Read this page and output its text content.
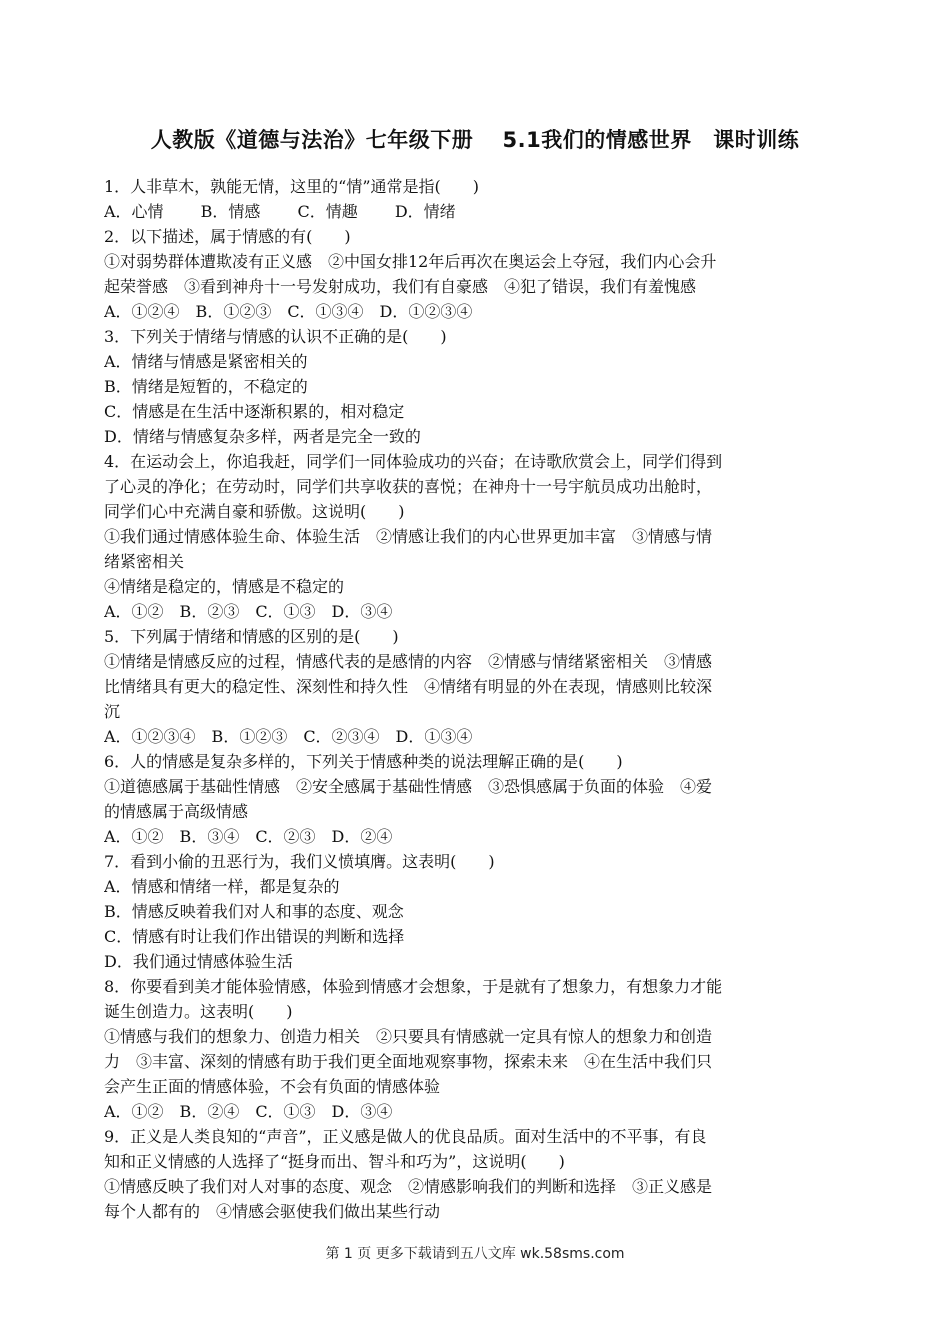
人教版《道德与法治》七年级下册　 5.1我们的情感世界　课时训练
1．人非草木，孰能无情，这里的“情”通常是指(　　)
A．心情　　 B．情感　　 C．情趣　　 D．情绪
2．以下描述，属于情感的有(　　)
①对弱势群体遭欺凌有正义感　②中国女排12年后再次在奥运会上夺冠，我们内心会升
起荣誉感　③看到神舟十一号发射成功，我们有自豪感　④犯了错误，我们有羞愧感
A．①②④　B．①②③　C．①③④　D．①②③④
3．下列关于情绪与情感的认识不正确的是(　　)
A．情绪与情感是紧密相关的
B．情绪是短暂的，不稳定的
C．情感是在生活中逐渐积累的，相对稳定
D．情绪与情感复杂多样，两者是完全一致的
4．在运动会上，你追我赶，同学们一同体验成功的兴奋；在诗歌欣赏会上，同学们得到
了心灵的净化；在劳动时，同学们共享收获的喜悦；在神舟十一号宇航员成功出舱时，
同学们心中充满自豪和骄傲。这说明(　　)
①我们通过情感体验生命、体验生活　②情感让我们的内心世界更加丰富　③情感与情
绪紧密相关
④情绪是稳定的，情感是不稳定的
A．①②　B．②③　C．①③　D．③④
5．下列属于情绪和情感的区别的是(　　)
①情绪是情感反应的过程，情感代表的是感情的内容　②情感与情绪紧密相关　③情感
比情绪具有更大的稳定性、深刻性和持久性　④情绪有明显的外在表现，情感则比较深
沉
A．①②③④　B．①②③　C．②③④　D．①③④
6．人的情感是复杂多样的，下列关于情感种类的说法理解正确的是(　　)
①道德感属于基础性情感　②安全感属于基础性情感　③恐惧感属于负面的体验　④爱
的情感属于高级情感
A．①②　B．③④　C．②③　D．②④
7．看到小偷的丑恶行为，我们义愤填膺。这表明(　　)
A．情感和情绪一样，都是复杂的
B．情感反映着我们对人和事的态度、观念
C．情感有时让我们作出错误的判断和选择
D．我们通过情感体验生活
8．你要看到美才能体验情感，体验到情感才会想象，于是就有了想象力，有想象力才能
诞生创造力。这表明(　　)
①情感与我们的想象力、创造力相关　②只要具有情感就一定具有惊人的想象力和创造
力　③丰富、深刻的情感有助于我们更全面地观察事物，探索未来　④在生活中我们只
会产生正面的情感体验，不会有负面的情感体验
A．①②　B．②④　C．①③　D．③④
9．正义是人类良知的“声音”，正义感是做人的优良品质。面对生活中的不平事，有良
知和正义情感的人选择了“挺身而出、智斗和巧为”，这说明(　　)
①情感反映了我们对人对事的态度、观念　②情感影响我们的判断和选择　③正义感是
每个人都有的　④情感会驱使我们做出某些行动
第 1 页 更多下载请到五八文库 wk.58sms.com
